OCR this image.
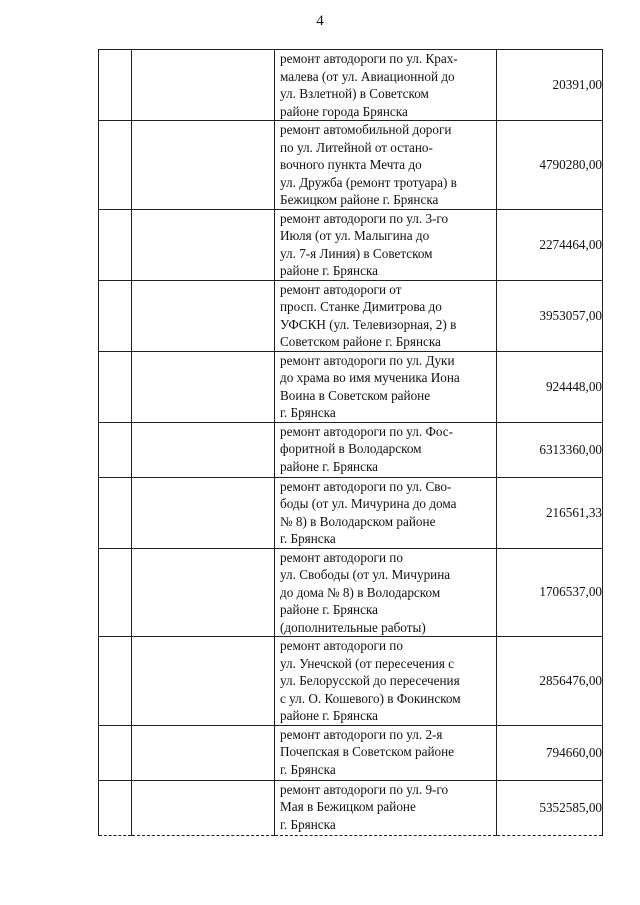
4

		ремонт автодороги по ул. Крах-
малева (от ул. Авиационной до
ул. Взлетной) в Советском
районе города Брянска	20391,00

		ремонт автомобильной дороги
по ул. Литейной от остано-
вочного пункта Мечта до
ул. Дружба (ремонт тротуара) в
Бежицком районе г. Брянска	4790280,00

		ремонт автодороги по ул. 3-го
Июля (от ул. Малыгина до
ул. 7-я Линия) в Советском
районе г. Брянска	2274464,00

		ремонт автодороги от
просп. Станке Димитрова до
УФСКН (ул. Телевизорная, 2) в
Советском районе г. Брянска	3953057,00

		ремонт автодороги по ул. Дуки
до храма во имя мученика Иона
Воина в Советском районе
г. Брянска	924448,00

		ремонт автодороги по ул. Фос-
форитной в Володарском
районе г. Брянска	6313360,00

		ремонт автодороги по ул. Сво-
боды (от ул. Мичурина до дома
№ 8) в Володарском районе
г. Брянска	216561,33

		ремонт автодороги по
ул. Свободы (от ул. Мичурина
до дома № 8) в Володарском
районе г. Брянска
(дополнительные работы)	1706537,00

		ремонт автодороги по
ул. Унечской (от пересечения с
ул. Белорусской до пересечения
с ул. О. Кошевого) в Фокинском
районе г. Брянска	2856476,00

		ремонт автодороги по ул. 2-я
Почепская в Советском районе
г. Брянска	794660,00

		ремонт автодороги по ул. 9-го
Мая в Бежицком районе
г. Брянска	5352585,00
